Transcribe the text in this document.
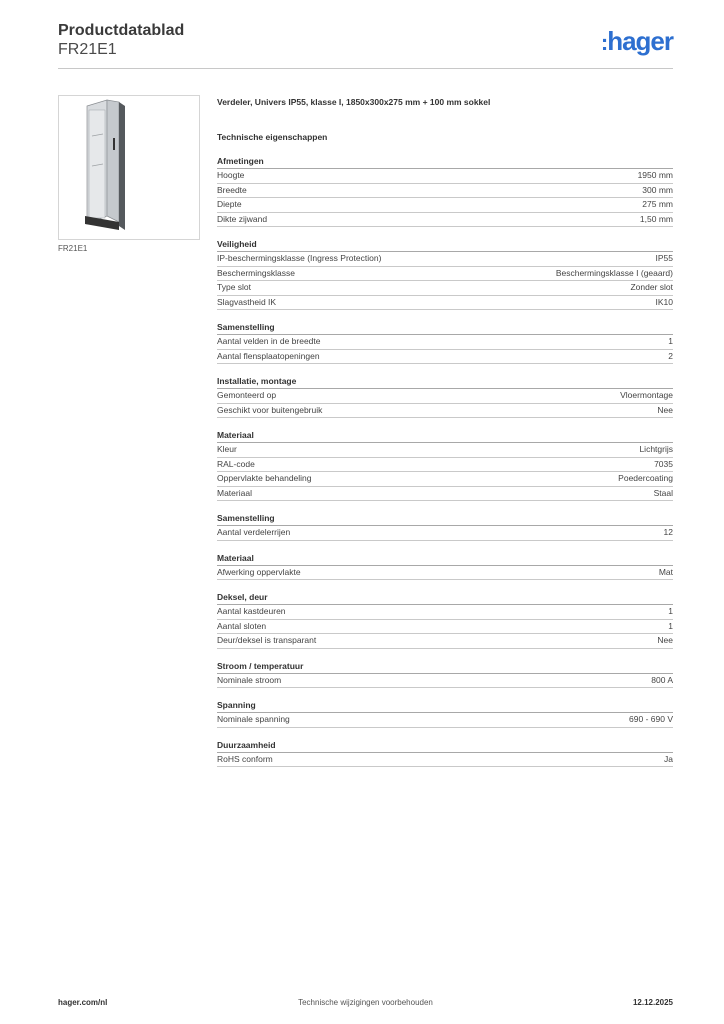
Productdatablad
FR21E1	:hager
FR21E1
Verdeler, Univers IP55, klasse I, 1850x300x275 mm + 100 mm sokkel
Technische eigenschappen
Afmetingen
Hoogte	1950 mm
Breedte	300 mm
Diepte	275 mm
Dikte zijwand	1,50 mm
Veiligheid
IP-beschermingsklasse (Ingress Protection)	IP55
Beschermingsklasse	Beschermingsklasse I (geaard)
Type slot	Zonder slot
Slagvastheid IK	IK10
Samenstelling
Aantal velden in de breedte	1
Aantal flensplaatopeningen	2
Installatie, montage
Gemonteerd op	Vloermontage
Geschikt voor buitengebruik	Nee
Materiaal
Kleur	Lichtgrijs
RAL-code	7035
Oppervlakte behandeling	Poedercoating
Materiaal	Staal
Samenstelling
Aantal verdelerrijen	12
Materiaal
Afwerking oppervlakte	Mat
Deksel, deur
Aantal kastdeuren	1
Aantal sloten	1
Deur/deksel is transparant	Nee
Stroom / temperatuur
Nominale stroom	800 A
Spanning
Nominale spanning	690 - 690 V
Duurzaamheid
RoHS conform	Ja
Technische wijzigingen voorbehouden
hager.com/nl	12.12.2025
